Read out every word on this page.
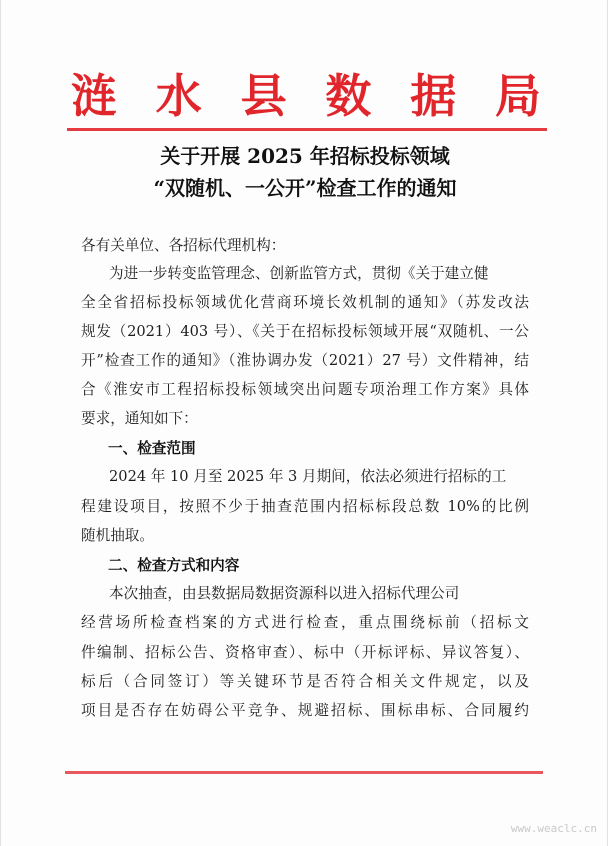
涟 水 县 数 据 局
关于开展 2025 年招标投标领域
“双随机、一公开”检查工作的通知
各有关单位、各招标代理机构：
为进一步转变监管理念、创新监管方式，贯彻《关于建立健
全全省招标投标领域优化营商环境长效机制的通知》（苏发改法
规发（2021）403 号）、《关于在招标投标领域开展“双随机、一公
开”检查工作的通知》（淮协调办发（2021）27 号）文件精神，结
合《淮安市工程招标投标领域突出问题专项治理工作方案》具体
要求，通知如下：
一、检查范围
2024 年 10 月至 2025 年 3 月期间，依法必须进行招标的工
程建设项目，按照不少于抽查范围内招标标段总数 10%的比例
随机抽取。
二、检查方式和内容
本次抽查，由县数据局数据资源科以进入招标代理公司
经营场所检查档案的方式进行检查，重点围绕标前（招标文
件编制、招标公告、资格审查）、标中（开标评标、异议答复）、
标后（合同签订）等关键环节是否符合相关文件规定，以及
项目是否存在妨碍公平竞争、规避招标、围标串标、合同履约
www.weaclc.cn
